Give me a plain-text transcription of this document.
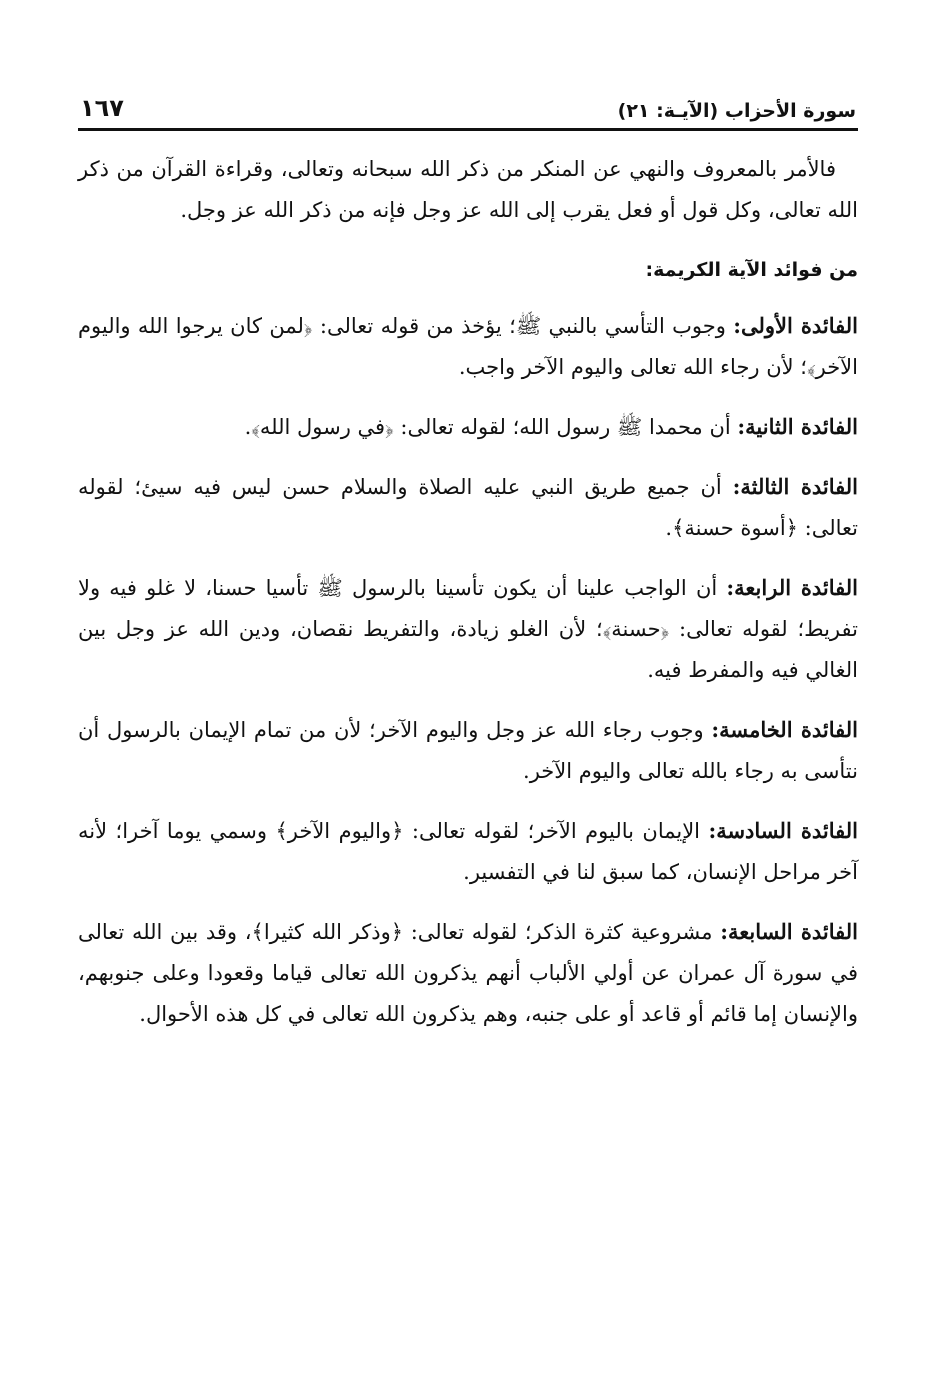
سورة الأحزاب (الآيـة: ٢١)
١٦٧

فالأمر بالمعروف والنهي عن المنكر من ذكر الله سبحانه وتعالى، وقراءة القرآن من ذكر الله تعالى، وكل قول أو فعل يقرب إلى الله عز وجل فإنه من ذكر الله عز وجل.

من فوائد الآية الكريمة:

الفائدة الأولى: وجوب التأسي بالنبي ﷺ؛ يؤخذ من قوله تعالى: ﴿لمن كان يرجوا الله واليوم الآخر﴾؛ لأن رجاء الله تعالى واليوم الآخر واجب.

الفائدة الثانية: أن محمدا ﷺ رسول الله؛ لقوله تعالى: ﴿في رسول الله﴾.

الفائدة الثالثة: أن جميع طريق النبي عليه الصلاة والسلام حسن ليس فيه سيئ؛ لقوله تعالى: ﴿أسوة حسنة﴾.

الفائدة الرابعة: أن الواجب علينا أن يكون تأسينا بالرسول ﷺ تأسيا حسنا، لا غلو فيه ولا تفريط؛ لقوله تعالى: ﴿حسنة﴾؛ لأن الغلو زيادة، والتفريط نقصان، ودين الله عز وجل بين الغالي فيه والمفرط فيه.

الفائدة الخامسة: وجوب رجاء الله عز وجل واليوم الآخر؛ لأن من تمام الإيمان بالرسول أن نتأسى به رجاء بالله تعالى واليوم الآخر.

الفائدة السادسة: الإيمان باليوم الآخر؛ لقوله تعالى: ﴿واليوم الآخر﴾ وسمي يوما آخرا؛ لأنه آخر مراحل الإنسان، كما سبق لنا في التفسير.

الفائدة السابعة: مشروعية كثرة الذكر؛ لقوله تعالى: ﴿وذكر الله كثيرا﴾، وقد بين الله تعالى في سورة آل عمران عن أولي الألباب أنهم يذكرون الله تعالى قياما وقعودا وعلى جنوبهم، والإنسان إما قائم أو قاعد أو على جنبه، وهم يذكرون الله تعالى في كل هذه الأحوال.
